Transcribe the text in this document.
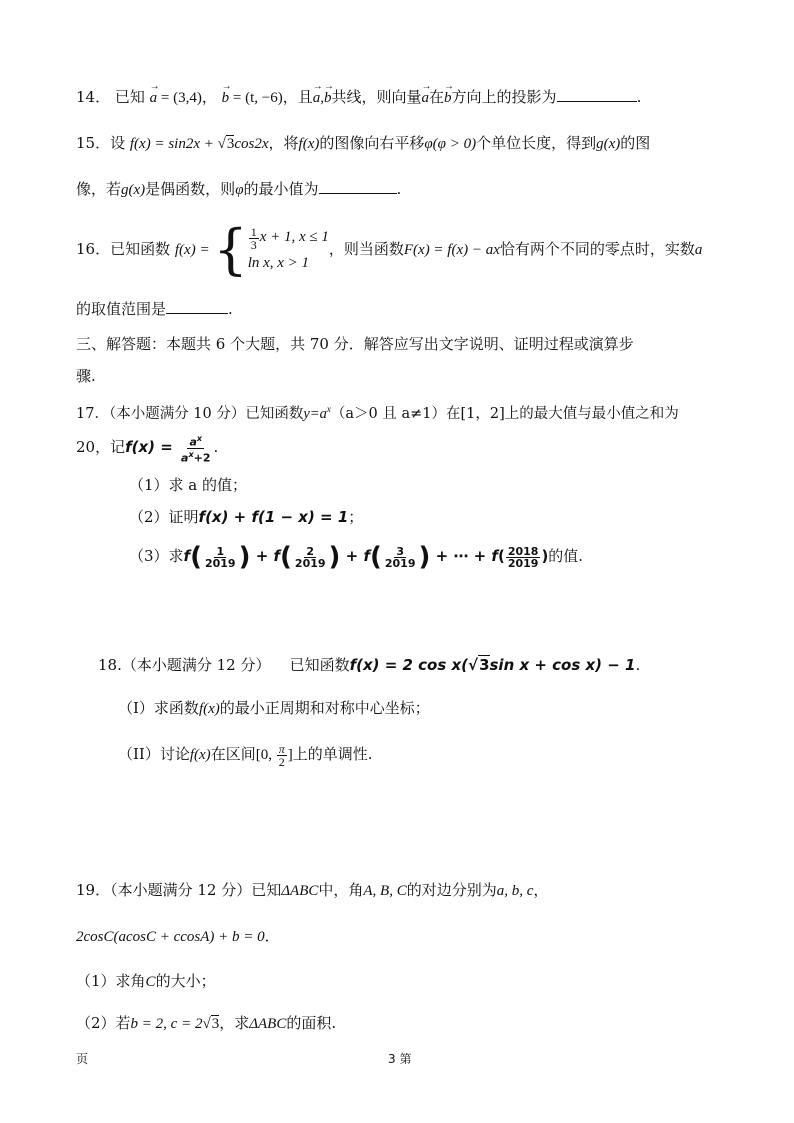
14． 已知 → a = (3,4)， → b = (t, −6)，且→ a,→ b共线，则向量→ a在→ b方向上的投影为	.
15．设 f(x) = sin2x + √3cos2x，将f(x)的图像向右平移φ(φ > 0)个单位长度，得到g(x)的图
像，若g(x)是偶函数，则φ的最小值为	.
16．已知函数 f(x) = { $\frac{1}{3}$ x + 1, x ≤ 1
ln x, x > 1
，则当函数F(x) = f(x) − ax恰有两个不同的零点时，实数a
的取值范围是	.
三、解答题：本题共 6 个大题，共 70 分．解答应写出文字说明、证明过程或演算步
骤.
17．（本小题满分 10 分）已知函数$y=a^x(a>0$ 且 a≠1）在[1，2]上的最大值与最小值之和为
20，记$f(x) = \frac{a^x}{a^x+2}$ .
（1）求 a 的值；
（2）证明f(x) + f(1 − x) = 1；
（3）求$f( \frac{1}{2019}$ ) + $f( \frac{2}{2019}$ ) + $f( \frac{3}{2019}$ ) + ⋯ + $f( \frac{2018}{2019}$ )的值.
18.（本小题满分 12 分） 已知函数f(x) = 2 cos x(√3sin x + cos x) − 1.
（I）求函数f(x)的最小正周期和对称中心坐标；
（II）讨论f(x)在区间[0, $\frac{\pi}{2}$ ]上的单调性.
19．（本小题满分 12 分）已知ΔABC中，角A, B, C的对边分别为a, b, c，
2cosC(acosC + ccosA) + b = 0．
（1）求角C的大小；
（2）若b = 2, c = 2√3，求ΔABC的面积.
页	3 第
